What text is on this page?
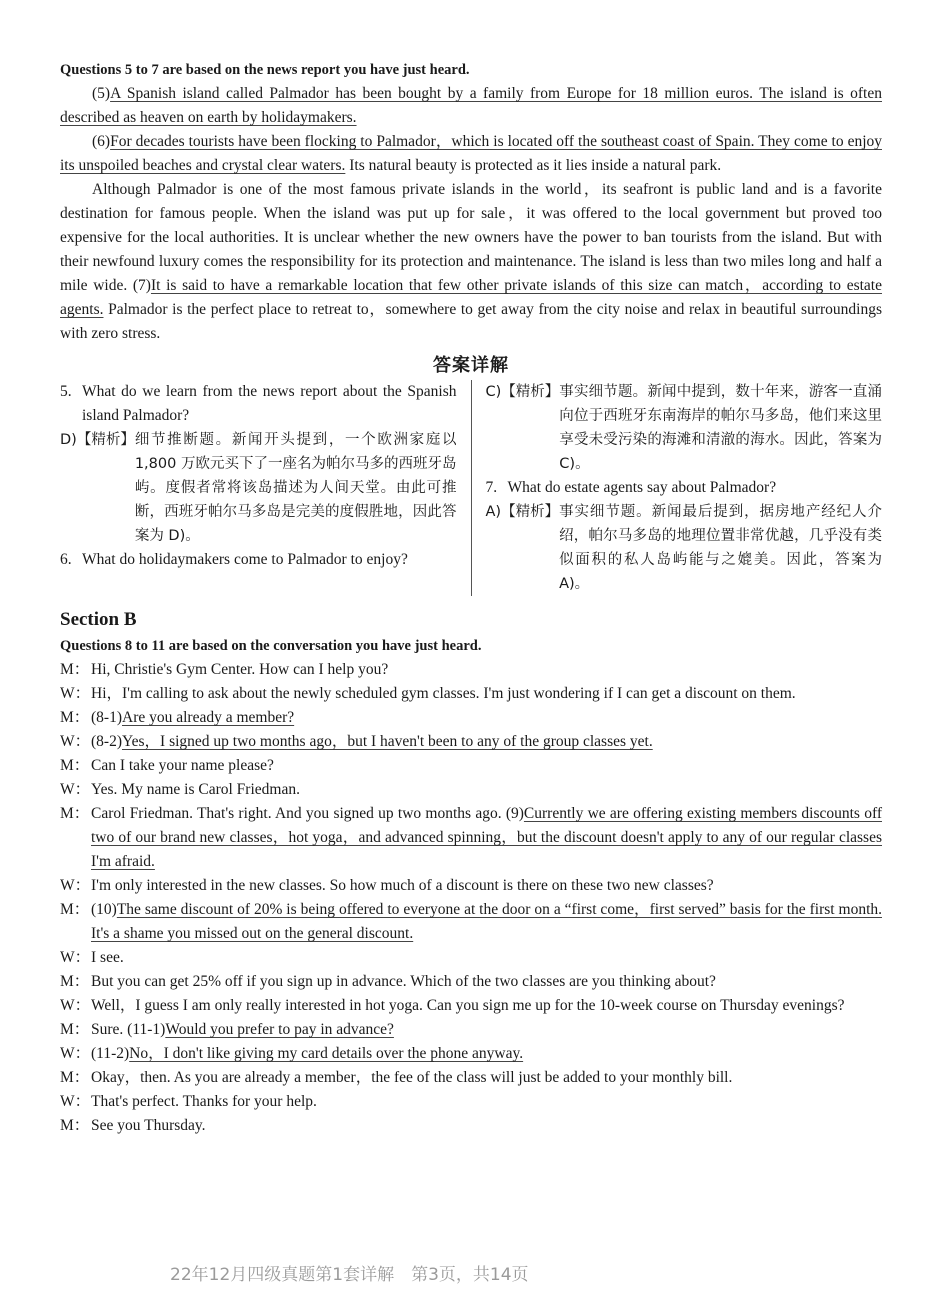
Questions 5 to 7 are based on the news report you have just heard.

(5)A Spanish island called Palmador has been bought by a family from Europe for 18 million euros. The island is often described as heaven on earth by holidaymakers.

(6)For decades tourists have been flocking to Palmador，which is located off the southeast coast of Spain. They come to enjoy its unspoiled beaches and crystal clear waters. Its natural beauty is protected as it lies inside a natural park.

Although Palmador is one of the most famous private islands in the world，its seafront is public land and is a favorite destination for famous people. When the island was put up for sale，it was offered to the local government but proved too expensive for the local authorities. It is unclear whether the new owners have the power to ban tourists from the island. But with their newfound luxury comes the responsibility for its protection and maintenance. The island is less than two miles long and half a mile wide. (7)It is said to have a remarkable location that few other private islands of this size can match，according to estate agents. Palmador is the perfect place to retreat to，somewhere to get away from the city noise and relax in beautiful surroundings with zero stress.

答案详解
5. What do we learn from the news report about the Spanish island Palmador?
D)【精析】 细节推断题。新闻开头提到，一个欧洲家庭以 1,800 万欧元买下了一座名为帕尔马多的西班牙岛屿。度假者常将该岛描述为人间天堂。由此可推断，西班牙帕尔马多岛是完美的度假胜地，因此答案为 D)。
6. What do holidaymakers come to Palmador to enjoy?
C)【精析】 事实细节题。新闻中提到，数十年来，游客一直涌向位于西班牙东南海岸的帕尔马多岛，他们来这里享受未受污染的海滩和清澈的海水。因此，答案为 C)。
7. What do estate agents say about Palmador?
A)【精析】 事实细节题。新闻最后提到，据房地产经纪人介绍，帕尔马多岛的地理位置非常优越，几乎没有类似面积的私人岛屿能与之媲美。因此，答案为 A)。
Section B

Questions 8 to 11 are based on the conversation you have just heard.

M： Hi, Christie's Gym Center. How can I help you?
W： Hi，I'm calling to ask about the newly scheduled gym classes. I'm just wondering if I can get a discount on them.
M： (8-1)Are you already a member?
W： (8-2)Yes，I signed up two months ago，but I haven't been to any of the group classes yet.
M： Can I take your name please?
W： Yes. My name is Carol Friedman.
M： Carol Friedman. That's right. And you signed up two months ago. (9)Currently we are offering existing members discounts off two of our brand new classes，hot yoga，and advanced spinning，but the discount doesn't apply to any of our regular classes I'm afraid.
W： I'm only interested in the new classes. So how much of a discount is there on these two new classes?
M： (10)The same discount of 20% is being offered to everyone at the door on a “first come，first served” basis for the first month. It's a shame you missed out on the general discount.
W： I see.
M： But you can get 25% off if you sign up in advance. Which of the two classes are you thinking about?
W： Well，I guess I am only really interested in hot yoga. Can you sign me up for the 10-week course on Thursday evenings?
M： Sure. (11-1)Would you prefer to pay in advance?
W： (11-2)No，I don't like giving my card details over the phone anyway.
M： Okay，then. As you are already a member，the fee of the class will just be added to your monthly bill.
W： That's perfect. Thanks for your help.
M： See you Thursday.
22年12月四级真题第1套详解　第3页，共14页
